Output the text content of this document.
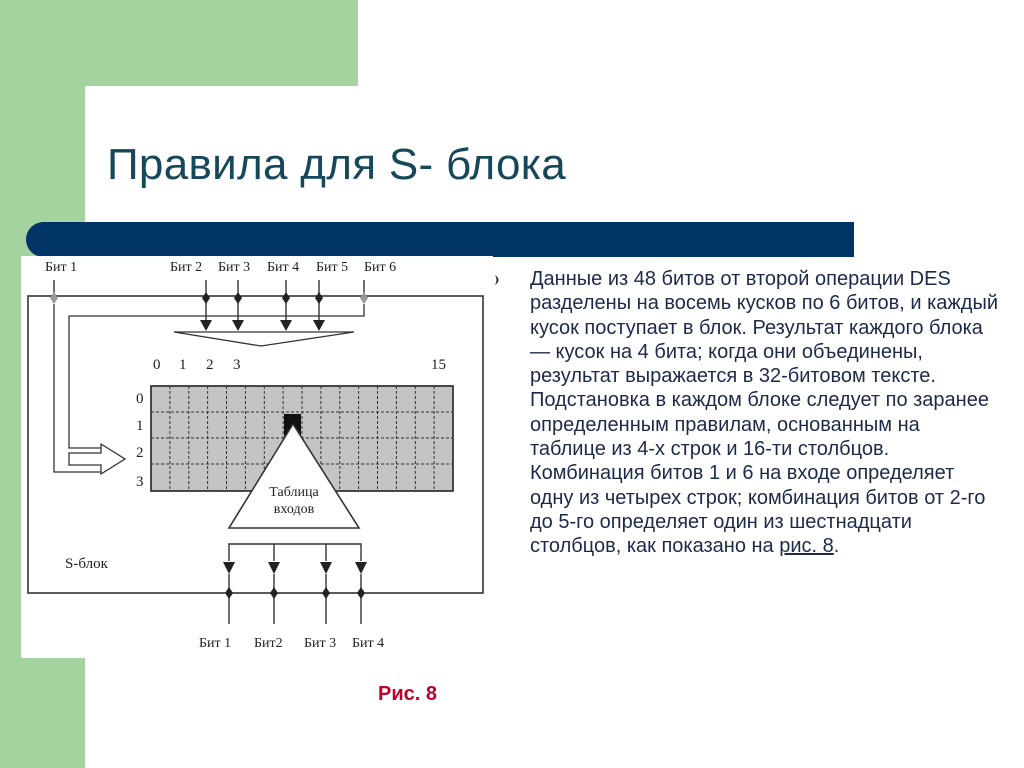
Правила для S- блока
Бит 1	Бит 2 Бит 3 Бит 4 Бит 5 Бит 6
0 1 2 3	15
0
1
2
3
Таблица
входов
S-блок
Бит 1 Бит2 Бит 3 Бит 4
Рис. 8
Данные из 48 битов от второй операции DES разделены на восемь кусков по 6 битов, и каждый кусок поступает в блок. Результат каждого блока — кусок на 4 бита; когда они объединены, результат выражается в 32-битовом тексте. Подстановка в каждом блоке следует по заранее определенным правилам, основанным на таблице из 4-х строк и 16-ти столбцов. Комбинация битов 1 и 6 на входе определяет одну из четырех строк; комбинация битов от 2-го до 5-го определяет один из шестнадцати столбцов, как показано на рис. 8.
